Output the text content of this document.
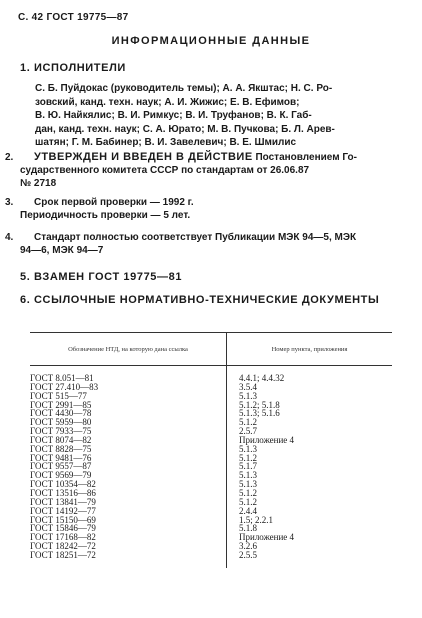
С. 42 ГОСТ 19775—87
ИНФОРМАЦИОННЫЕ ДАННЫЕ
1. ИСПОЛНИТЕЛИ
С. Б. Пуйдокас (руководитель темы); А. А. Якштас; Н. С. Ро-
зовский, канд. техн. наук; А. И. Жижис; Е. В. Ефимов;
В. Ю. Найкялис; В. И. Римкус; В. И. Труфанов; В. К. Габ-
дан, канд. техн. наук; С. А. Юрато; М. В. Пучкова; Б. Л. Арев-
шатян; Г. М. Бабинер; В. И. Завелевич; В. Е. Шмилис
2. УТВЕРЖДЕН И ВВЕДЕН В ДЕЙСТВИЕ Постановлением Го-
сударственного комитета СССР по стандартам от 26.06.87
№ 2718
3. Срок первой проверки — 1992 г.
Периодичность проверки — 5 лет.
4. Стандарт полностью соответствует Публикации МЭК 94—5, МЭК
94—6, МЭК 94—7
5. ВЗАМЕН ГОСТ 19775—81
6. ССЫЛОЧНЫЕ НОРМАТИВНО-ТЕХНИЧЕСКИЕ ДОКУМЕНТЫ
Обозначение НТД, на которую дана ссылка	Номер пункта, приложения

ГОСТ 8.051—81	4.4.1; 4.4.32
ГОСТ 27.410—83	3.5.4
ГОСТ 515—77	5.1.3
ГОСТ 2991—85	5.1.2; 5.1.8
ГОСТ 4430—78	5.1.3; 5.1.6
ГОСТ 5959—80	5.1.2
ГОСТ 7933—75	2.5.7
ГОСТ 8074—82	Приложение 4
ГОСТ 8828—75	5.1.3
ГОСТ 9481—76	5.1.2
ГОСТ 9557—87	5.1.7
ГОСТ 9569—79	5.1.3
ГОСТ 10354—82	5.1.3
ГОСТ 13516—86	5.1.2
ГОСТ 13841—79	5.1.2
ГОСТ 14192—77	2.4.4
ГОСТ 15150—69	1.5; 2.2.1
ГОСТ 15846—79	5.1.8
ГОСТ 17168—82	Приложение 4
ГОСТ 18242—72	3.2.6
ГОСТ 18251—72	2.5.5
